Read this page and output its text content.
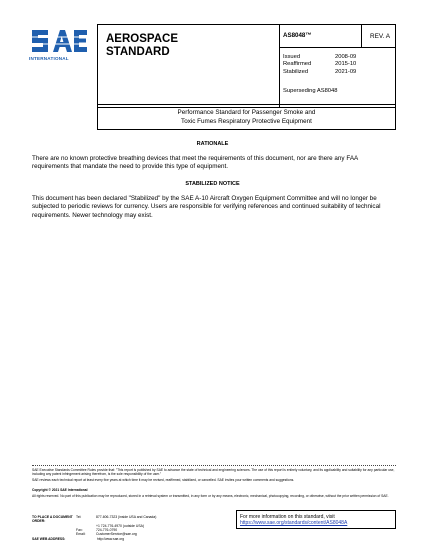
INTERNATIONAL
AEROSPACE
STANDARD
AS8048™	REV. A
Issued	2008-09
Reaffirmed	2015-10
Stabilized	2021-09
Superseding AS8048
Performance Standard for Passenger Smoke and
Toxic Fumes Respiratory Protective Equipment
RATIONALE
There are no known protective breathing devices that meet the requirements of this document, nor are there any FAA requirements that mandate the need to provide this type of equipment.
STABILIZED NOTICE
This document has been declared "Stabilized" by the SAE A-10 Aircraft Oxygen Equipment Committee and will no longer be subjected to periodic reviews for currency. Users are responsible for verifying references and continued suitability of technical requirements. Newer technology may exist.
SAE Executive Standards Committee Rules provide that: "This report is published by SAE to advance the state of technical and engineering sciences. The use of this report is entirely voluntary, and its applicability and suitability for any particular use, including any patent infringement arising therefrom, is the sole responsibility of the user."
SAE reviews each technical report at least every five years at which time it may be revised, reaffirmed, stabilized, or cancelled. SAE invites your written comments and suggestions.
Copyright © 2021 SAE International
All rights reserved. No part of this publication may be reproduced, stored in a retrieval system or transmitted, in any form or by any means, electronic, mechanical, photocopying, recording, or otherwise, without the prior written permission of SAE.
TO PLACE A DOCUMENT ORDER:
Tel:	877-606-7323 (inside USA and Canada)
+1 724-776-4970 (outside USA)
Fax:	724-776-0790
Email:	CustomerService@sae.org
For more information on this standard, visit
https://www.sae.org/standards/content/AS8048A
SAE WEB ADDRESS:	http://www.sae.org
